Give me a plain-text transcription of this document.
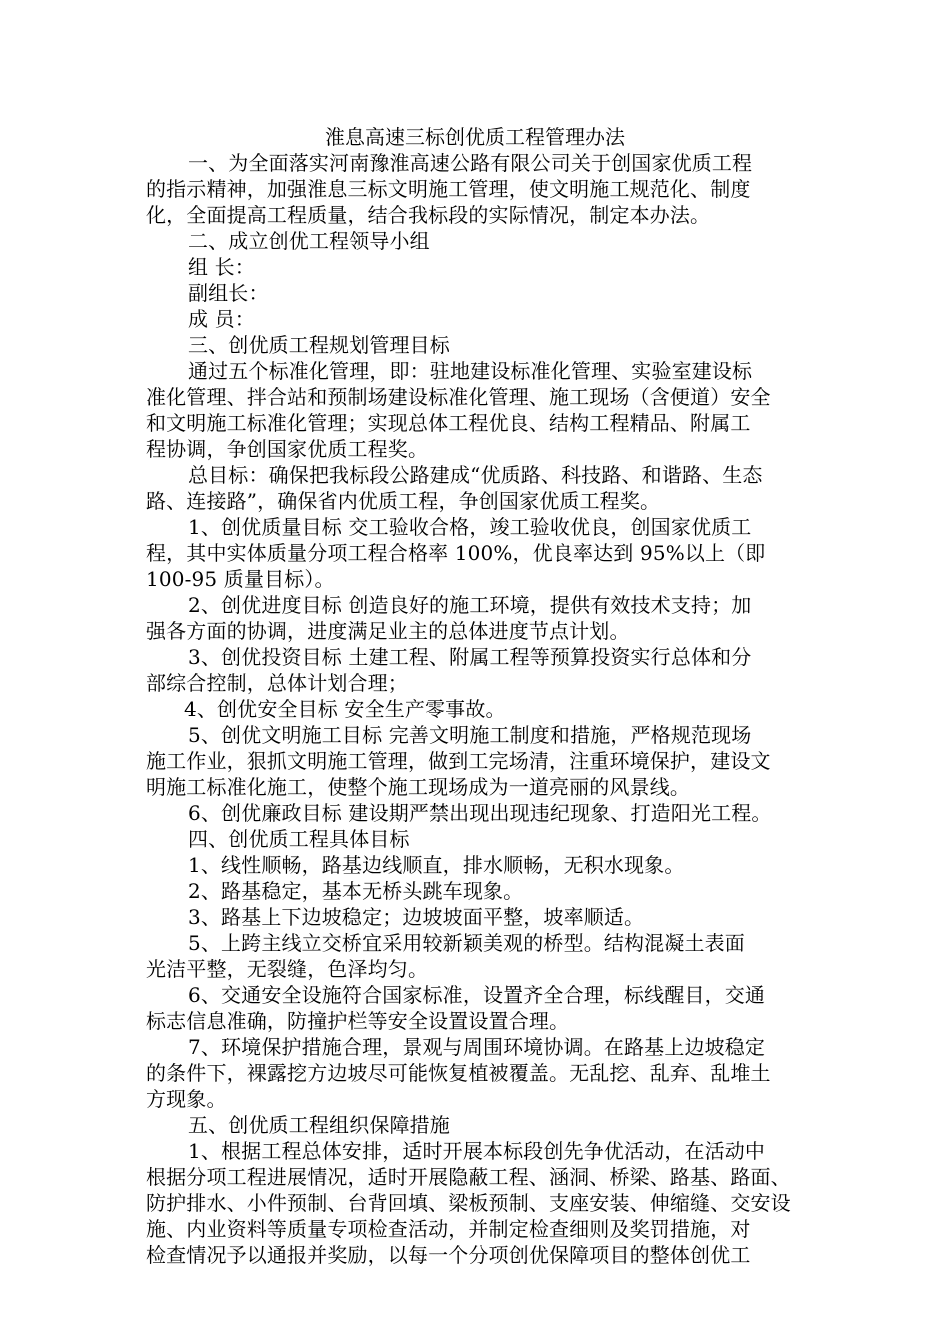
淮息高速三标创优质工程管理办法
一、为全面落实河南豫淮高速公路有限公司关于创国家优质工程
的指示精神，加强淮息三标文明施工管理，使文明施工规范化、制度
化，全面提高工程质量，结合我标段的实际情况，制定本办法。
二、成立创优工程领导小组
组 长：
副组长：
成 员：
三、创优质工程规划管理目标
通过五个标准化管理，即：驻地建设标准化管理、实验室建设标
准化管理、拌合站和预制场建设标准化管理、施工现场（含便道）安全
和文明施工标准化管理；实现总体工程优良、结构工程精品、附属工
程协调，争创国家优质工程奖。
总目标：确保把我标段公路建成“优质路、科技路、和谐路、生态
路、连接路”，确保省内优质工程，争创国家优质工程奖。
1、创优质量目标 交工验收合格，竣工验收优良，创国家优质工
程，其中实体质量分项工程合格率 100%，优良率达到 95%以上（即
100-95 质量目标）。
2、创优进度目标 创造良好的施工环境，提供有效技术支持；加
强各方面的协调，进度满足业主的总体进度节点计划。
3、创优投资目标 土建工程、附属工程等预算投资实行总体和分
部综合控制，总体计划合理；
4、创优安全目标 安全生产零事故。
5、创优文明施工目标 完善文明施工制度和措施，严格规范现场
施工作业，狠抓文明施工管理，做到工完场清，注重环境保护，建设文
明施工标准化施工，使整个施工现场成为一道亮丽的风景线。
6、创优廉政目标 建设期严禁出现出现违纪现象、打造阳光工程。
四、创优质工程具体目标
1、线性顺畅，路基边线顺直，排水顺畅，无积水现象。
2、路基稳定，基本无桥头跳车现象。
3、路基上下边坡稳定；边坡坡面平整，坡率顺适。
5、上跨主线立交桥宜采用较新颖美观的桥型。结构混凝土表面
光洁平整，无裂缝，色泽均匀。
6、交通安全设施符合国家标准，设置齐全合理，标线醒目，交通
标志信息准确，防撞护栏等安全设置设置合理。
7、环境保护措施合理，景观与周围环境协调。在路基上边坡稳定
的条件下，裸露挖方边坡尽可能恢复植被覆盖。无乱挖、乱弃、乱堆土
方现象。
五、创优质工程组织保障措施
1、根据工程总体安排，适时开展本标段创先争优活动，在活动中
根据分项工程进展情况，适时开展隐蔽工程、涵洞、桥梁、路基、路面、
防护排水、小件预制、台背回填、梁板预制、支座安装、伸缩缝、交安设
施、内业资料等质量专项检查活动，并制定检查细则及奖罚措施，对
检查情况予以通报并奖励，以每一个分项创优保障项目的整体创优工
